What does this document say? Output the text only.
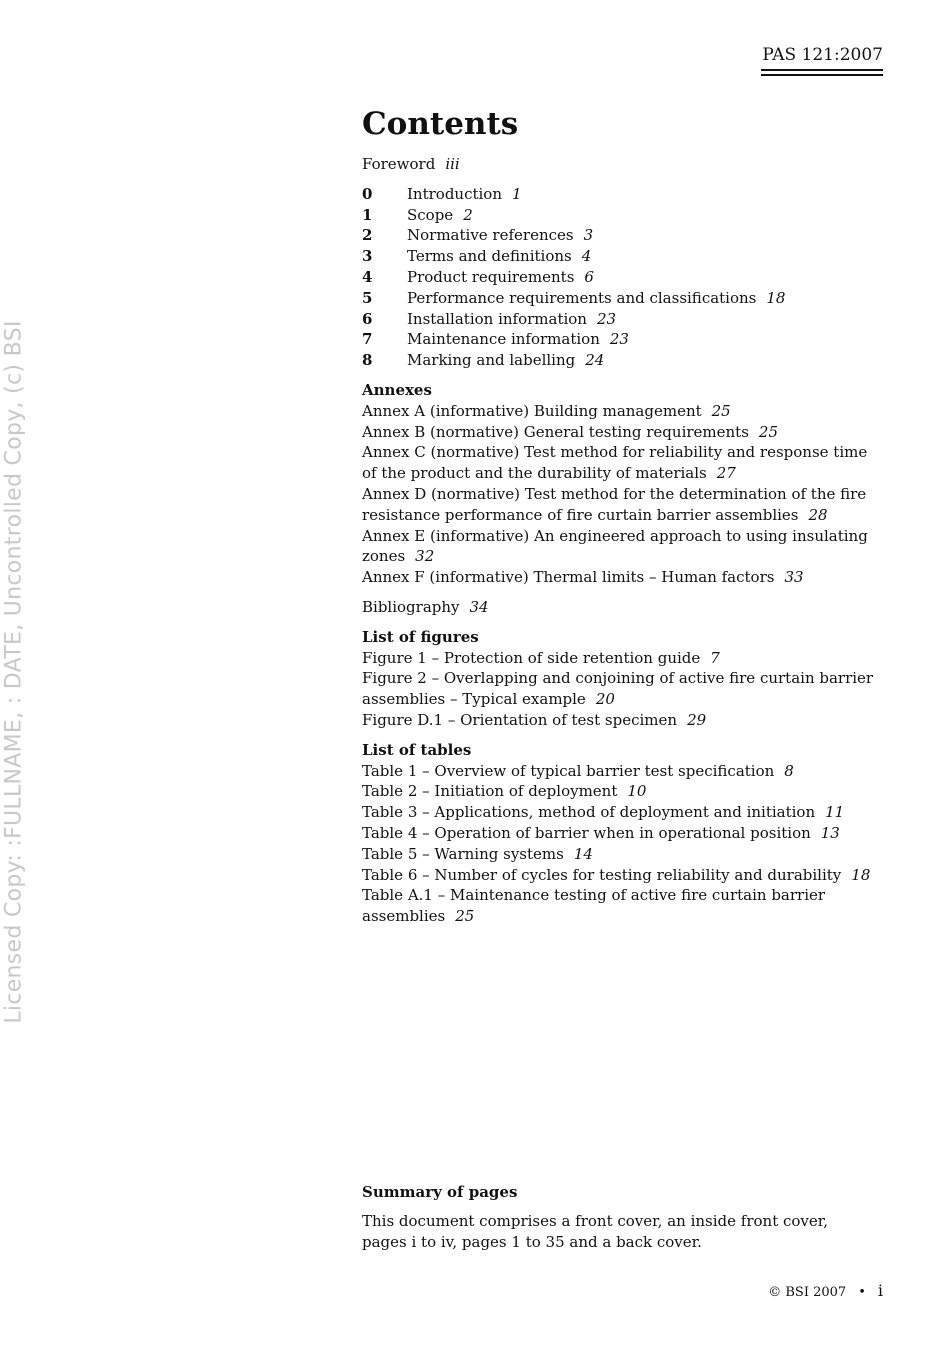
Licensed Copy: :FULLNAME, : DATE, Uncontrolled Copy, (c) BSI
PAS 121:2007
Contents
Foreword iii
0	Introduction 1
1	Scope 2
2	Normative references 3
3	Terms and definitions 4
4	Product requirements 6
5	Performance requirements and classifications 18
6	Installation information 23
7	Maintenance information 23
8	Marking and labelling 24
Annexes
Annex A (informative) Building management 25
Annex B (normative) General testing requirements 25
Annex C (normative) Test method for reliability and response time of the product and the durability of materials 27
Annex D (normative) Test method for the determination of the fire resistance performance of fire curtain barrier assemblies 28
Annex E (informative) An engineered approach to using insulating zones 32
Annex F (informative) Thermal limits – Human factors 33
Bibliography 34
List of figures
Figure 1 – Protection of side retention guide 7
Figure 2 – Overlapping and conjoining of active fire curtain barrier assemblies – Typical example 20
Figure D.1 – Orientation of test specimen 29
List of tables
Table 1 – Overview of typical barrier test specification 8
Table 2 – Initiation of deployment 10
Table 3 – Applications, method of deployment and initiation 11
Table 4 – Operation of barrier when in operational position 13
Table 5 – Warning systems 14
Table 6 – Number of cycles for testing reliability and durability 18
Table A.1 – Maintenance testing of active fire curtain barrier assemblies 25
Summary of pages
This document comprises a front cover, an inside front cover,
pages i to iv, pages 1 to 35 and a back cover.
© BSI 2007 • i
